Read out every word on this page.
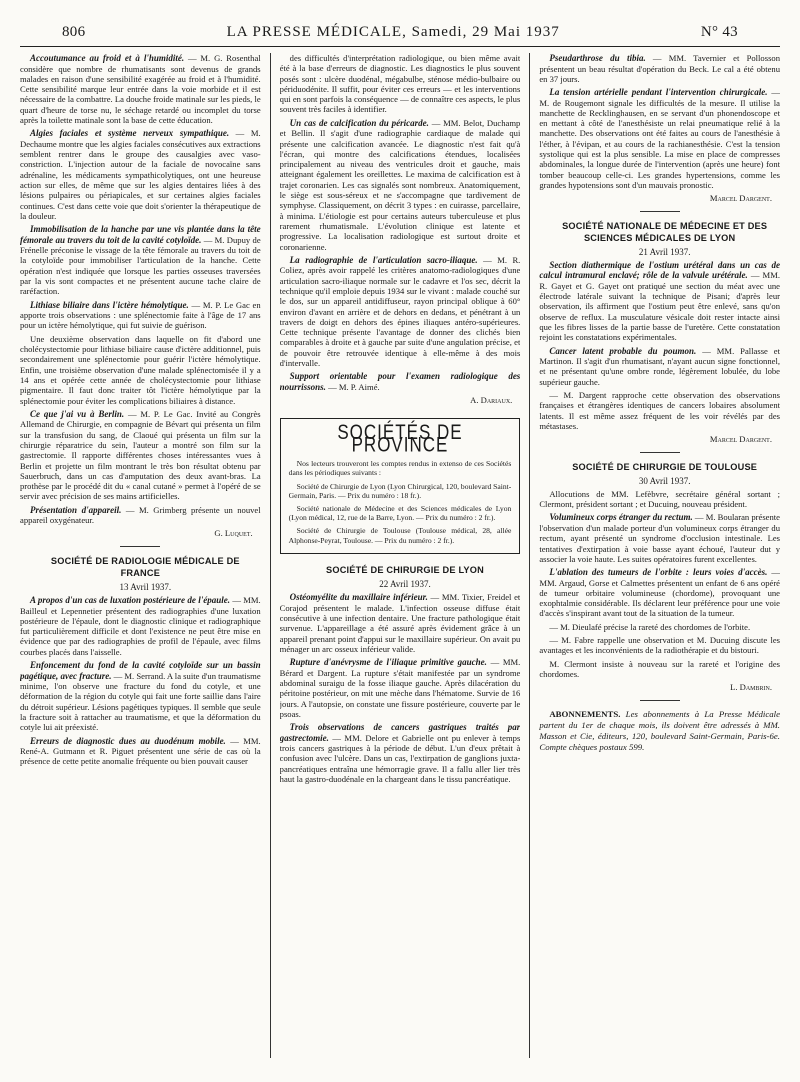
806	LA PRESSE MÉDICALE, Samedi, 29 Mai 1937	N° 43

Accoutumance au froid et à l'humidité. — M. G. Rosenthal considère que nombre de rhumatisants sont devenus de grands malades en raison d'une sensibilité exagérée au froid et à l'humidité. Cette sensibilité marque leur entrée dans la voie morbide et il est nécessaire de la combattre. La douche froide matinale sur les pieds, le quart d'heure de torse nu, le séchage retardé ou incomplet du torse après la toilette matinale sont la base de cette éducation.

Algies faciales et système nerveux sympathique. — M. Dechaume montre que les algies faciales consécutives aux extractions semblent rentrer dans le groupe des causalgies avec vaso-constriction. L'injection autour de la faciale de novocaïne sans adrénaline, les médicaments sympathicolytiques, ont une heureuse action sur elles, de même que sur les algies dentaires liées à des lésions pulpaires ou périapicales, et sur certaines algies faciales continues. C'est dans cette voie que doit s'orienter la thérapeutique de la douleur.

Immobilisation de la hanche par une vis plantée dans la tête fémorale au travers du toit de la cavité cotyloïde. — M. Dupuy de Frénelle préconise le vissage de la tête fémorale au travers du toit de la cotyloïde pour immobiliser l'articulation de la hanche. Cette opération n'est indiquée que lorsque les parties osseuses traversées par la vis sont compactes et ne présentent aucune tache claire de raréfaction.

Lithiase biliaire dans l'ictère hémolytique. — M. P. Le Gac en apporte trois observations : une splénectomie faite à l'âge de 17 ans pour un ictère hémolytique, qui fut suivie de guérison.

Une deuxième observation dans laquelle on fit d'abord une cholécystectomie pour lithiase biliaire cause d'ictère additionnel, puis secondairement une splénectomie pour guérir l'ictère hémolytique. Enfin, une troisième observation d'une malade splénectomisée il y a 14 ans et opérée cette année de cholécystectomie pour lithiase pigmentaire. Il faut donc traiter tôt l'ictère hémolytique par la splénectomie pour éviter les complications biliaires à distance.

Ce que j'ai vu à Berlin. — M. P. Le Gac. Invité au Congrès Allemand de Chirurgie, en compagnie de Bévart qui présenta un film sur la transfusion du sang, de Claoué qui présenta un film sur la chirurgie réparatrice du sein, l'auteur a montré son film sur la gastrectomie. Il rapporte différentes choses intéressantes vues à Berlin et projette un film montrant le très bon résultat obtenu par Sauerbruch, dans un cas d'amputation des deux avant-bras. La prothèse par le procédé dit du « canal cutané » permet à l'opéré de se servir avec précision de ses mains artificielles.

Présentation d'appareil. — M. Grimberg présente un nouvel appareil oxygénateur.

G. Luquet.

SOCIÉTÉ DE RADIOLOGIE MÉDICALE DE FRANCE

13 Avril 1937.

A propos d'un cas de luxation postérieure de l'épaule. — MM. Bailleul et Lepennetier présentent des radiographies d'une luxation postérieure de l'épaule, dont le diagnostic clinique et radiographique fut particulièrement difficile et dont l'existence ne peut être mise en évidence que par des radiographies de profil de l'épaule, avec films courbes placés dans l'aisselle.

Enfoncement du fond de la cavité cotyloïde sur un bassin pagétique, avec fracture. — M. Serrand. A la suite d'un traumatisme minime, l'on observe une fracture du fond du cotyle, et une déformation de la région du cotyle qui fait une forte saillie dans l'aire du détroit supérieur. Lésions pagétiques typiques. Il semble que seule la fracture soit à rattacher au traumatisme, et que la déformation du cotyle lui ait préexisté.

Erreurs de diagnostic dues au duodénum mobile. — MM. René-A. Gutmann et R. Piguet présentent une série de cas où la présence de cette petite anomalie fréquente ou bien pouvait causer

des difficultés d'interprétation radiologique, ou bien même avait été à la base d'erreurs de diagnostic. Les diagnostics le plus souvent posés sont : ulcère duodénal, mégabulbe, sténose médio-bulbaire ou périduodénite. Il suffit, pour éviter ces erreurs — et les interventions qui en sont parfois la conséquence — de connaître ces aspects, le plus souvent très faciles à identifier.

Un cas de calcification du péricarde. — MM. Belot, Duchamp et Bellin. Il s'agit d'une radiographie cardiaque de malade qui présente une calcification avancée. Le diagnostic n'est fait qu'à l'écran, qui montre des calcifications étendues, localisées principalement au niveau des ventricules droit et gauche, mais atteignant également les oreillettes. Le maxima de calcification est à trajet coronarien. Les cas signalés sont nombreux. Anatomiquement, le siège est sous-séreux et ne s'accompagne que tardivement de symphyse. Classiquement, on décrit 3 types : en cuirasse, parcellaire, à minima. L'étiologie est pour certains auteurs tuberculeuse et plus rarement rhumatismale. L'évolution clinique est latente et progressive. La localisation radiologique est surtout droite et coronarienne.

La radiographie de l'articulation sacro-iliaque. — M. R. Coliez, après avoir rappelé les critères anatomo-radiologiques d'une articulation sacro-iliaque normale sur le cadavre et l'os sec, décrit la technique qu'il emploie depuis 1934 sur le vivant : malade couché sur le dos, sur un appareil antidiffuseur, rayon principal oblique à 60° environ d'avant en arrière et de dehors en dedans, et pénétrant à un travers de doigt en dehors des épines iliaques antéro-supérieures. Cette technique présente l'avantage de donner des clichés bien comparables à droite et à gauche par suite d'une angulation précise, et de pouvoir être retrouvée identique à elle-même à des mois d'intervalle.

Support orientable pour l'examen radiologique des nourrissons. — M. P. Aimé.

A. Dariaux.

SOCIÉTÉS DE PROVINCE

Nos lecteurs trouveront les comptes rendus in extenso de ces Sociétés dans les périodiques suivants :

Société de Chirurgie de Lyon (Lyon Chirurgical, 120, boulevard Saint-Germain, Paris. — Prix du numéro : 18 fr.).

Société nationale de Médecine et des Sciences médicales de Lyon (Lyon médical, 12, rue de la Barre, Lyon. — Prix du numéro : 2 fr.).

Société de Chirurgie de Toulouse (Toulouse médical, 28, allée Alphonse-Peyrat, Toulouse. — Prix du numéro : 2 fr.).

SOCIÉTÉ DE CHIRURGIE DE LYON

22 Avril 1937.

Ostéomyélite du maxillaire inférieur. — MM. Tixier, Freidel et Corajod présentent le malade. L'infection osseuse diffuse était consécutive à une infection dentaire. Une fracture pathologique était survenue. L'appareillage a été assuré après évidement grâce à un appareil prenant point d'appui sur le maxillaire supérieur. On avait pu ménager un arc osseux inférieur valide.

Rupture d'anévrysme de l'iliaque primitive gauche. — MM. Bérard et Dargent. La rupture s'était manifestée par un syndrome abdominal suraigu de la fosse iliaque gauche. Après dilacération du péritoine postérieur, on mit une mèche dans l'hématome. Survie de 16 jours. A l'autopsie, on constate une fissure postérieure, couverte par le psoas.

Trois observations de cancers gastriques traités par gastrectomie. — MM. Delore et Gabrielle ont pu enlever à temps trois cancers gastriques à la période de début. L'un d'eux prêtait à confusion avec l'ulcère. Dans un cas, l'extirpation de ganglions juxta-pancréatiques entraîna une hémorragie grave. Il a fallu aller lier très haut la gastro-duodénale en la chargeant dans le tissu pancréatique.

Pseudarthrose du tibia. — MM. Tavernier et Pollosson présentent un beau résultat d'opération du Beck. Le cal a été obtenu en 37 jours.

La tension artérielle pendant l'intervention chirurgicale. — M. de Rougemont signale les difficultés de la mesure. Il utilise la manchette de Recklinghausen, en se servant d'un phonendoscope et en mettant à côté de l'anesthésiste un relai pneumatique relié à la manchette. Des observations ont été faites au cours de l'anesthésie à l'éther, à l'évipan, et au cours de la rachianesthésie. C'est la tension systolique qui est la plus sensible. La mise en place de compresses abdominales, la longue durée de l'intervention (après une heure) font tomber beaucoup celle-ci. Les grandes hypertensions, comme les grandes hypotensions sont d'un mauvais pronostic.

Marcel Dargent.

SOCIÉTÉ NATIONALE DE MÉDECINE ET DES SCIENCES MÉDICALES DE LYON

21 Avril 1937.

Section diathermique de l'ostium urétéral dans un cas de calcul intramural enclavé; rôle de la valvule urétérale. — MM. R. Gayet et G. Gayet ont pratiqué une section du méat avec une électrode latérale suivant la technique de Pisani; d'après leur observation, ils affirment que l'ostium peut être enlevé, sans qu'on observe de reflux. La musculature vésicale doit rester intacte ainsi que les fibres lisses de la partie basse de l'uretère. Cette constatation rejoint les constatations expérimentales.

Cancer latent probable du poumon. — MM. Pallasse et Martinon. Il s'agit d'un rhumatisant, n'ayant aucun signe fonctionnel, et ne présentant qu'une ombre ronde, légèrement lobulée, du lobe supérieur gauche.

— M. Dargent rapproche cette observation des observations françaises et étrangères identiques de cancers lobaires absolument latents. Il est même assez fréquent de les voir révélés par des métastases.

Marcel Dargent.

SOCIÉTÉ DE CHIRURGIE DE TOULOUSE

30 Avril 1937.

Allocutions de MM. Lefèbvre, secrétaire général sortant ; Clermont, président sortant ; et Ducuing, nouveau président.

Volumineux corps étranger du rectum. — M. Boularan présente l'observation d'un malade porteur d'un volumineux corps étranger du rectum, ayant présenté un syndrome d'occlusion intestinale. Les tentatives d'extirpation à voie basse ayant échoué, l'auteur dut y associer la voie haute. Les suites opératoires furent excellentes.

L'ablation des tumeurs de l'orbite : leurs voies d'accès. — MM. Argaud, Gorse et Calmettes présentent un enfant de 6 ans opéré de tumeur orbitaire volumineuse (chordome), provoquant une exophtalmie considérable. Ils déclarent leur préférence pour une voie d'accès s'inspirant avant tout de la situation de la tumeur.

— M. Dieulafé précise la rareté des chordomes de l'orbite.

— M. Fabre rappelle une observation et M. Ducuing discute les avantages et les inconvénients de la radiothérapie et du bistouri.

M. Clermont insiste à nouveau sur la rareté et l'origine des chordomes.

L. Dambrin.

ABONNEMENTS. Les abonnements à La Presse Médicale partent du 1er de chaque mois, ils doivent être adressés à MM. Masson et Cie, éditeurs, 120, boulevard Saint-Germain, Paris-6e. Compte chèques postaux 599.
